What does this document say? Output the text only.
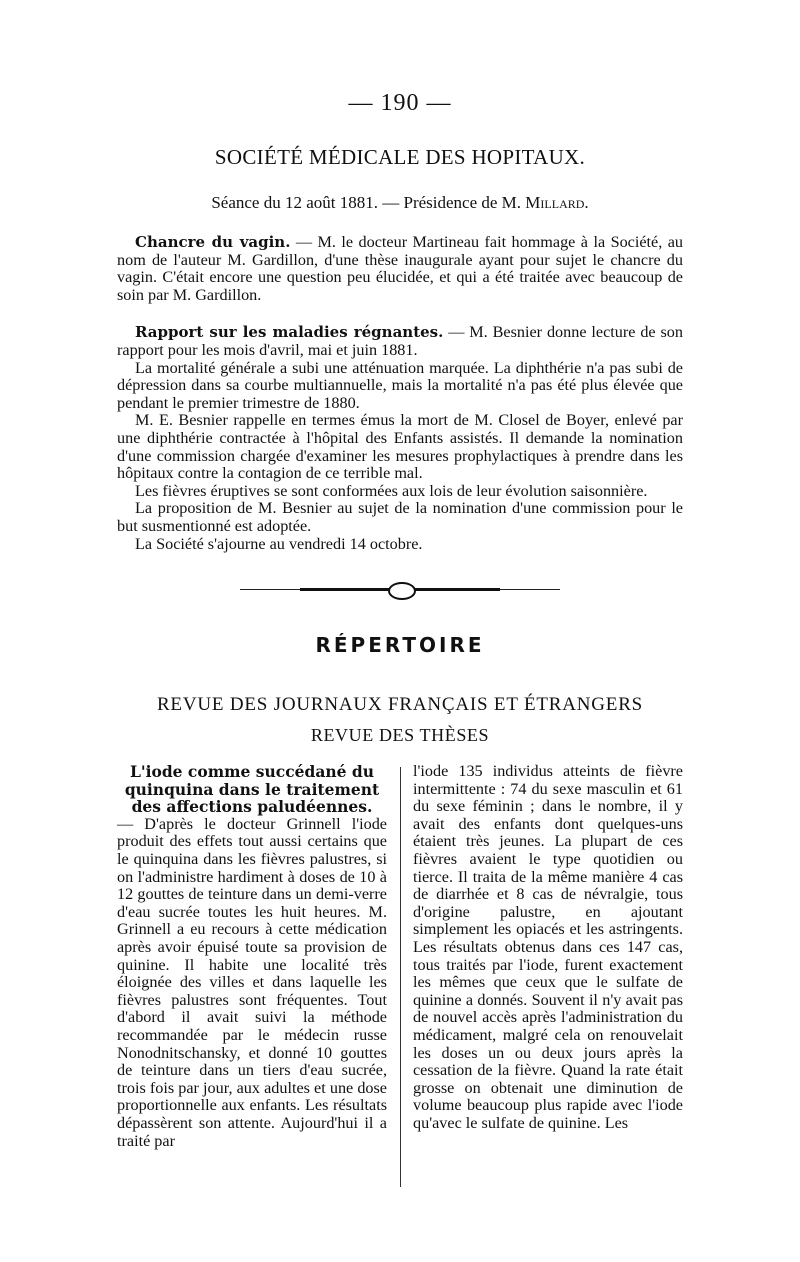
— 190 —

SOCIÉTÉ MÉDICALE DES HOPITAUX.
Séance du 12 août 1881. — Présidence de M. Millard.

Chancre du vagin. — M. le docteur Martineau fait hommage à la Société, au nom de l'auteur M. Gardillon, d'une thèse inaugurale ayant pour sujet le chancre du vagin. C'était encore une question peu élucidée, et qui a été traitée avec beaucoup de soin par M. Gardillon.

Rapport sur les maladies régnantes. — M. Besnier donne lecture de son rapport pour les mois d'avril, mai et juin 1881.

La mortalité générale a subi une atténuation marquée. La diphthérie n'a pas subi de dépression dans sa courbe multiannuelle, mais la mortalité n'a pas été plus élevée que pendant le premier trimestre de 1880.

M. E. Besnier rappelle en termes émus la mort de M. Closel de Boyer, enlevé par une diphthérie contractée à l'hôpital des Enfants assistés. Il demande la nomination d'une commission chargée d'examiner les mesures prophylactiques à prendre dans les hôpitaux contre la contagion de ce terrible mal.

Les fièvres éruptives se sont conformées aux lois de leur évolution saisonnière.

La proposition de M. Besnier au sujet de la nomination d'une commission pour le but susmentionné est adoptée.

La Société s'ajourne au vendredi 14 octobre.

RÉPERTOIRE
REVUE DES JOURNAUX FRANÇAIS ET ÉTRANGERS
REVUE DES THÈSES

L'iode comme succédané du quinquina dans le traitement des affections paludéennes.

— D'après le docteur Grinnell l'iode produit des effets tout aussi certains que le quinquina dans les fièvres palustres, si on l'administre hardiment à doses de 10 à 12 gouttes de teinture dans un demi-verre d'eau sucrée toutes les huit heures. M. Grinnell a eu recours à cette médication après avoir épuisé toute sa provision de quinine. Il habite une localité très éloignée des villes et dans laquelle les fièvres palustres sont fréquentes. Tout d'abord il avait suivi la méthode recommandée par le médecin russe Nonodnitschansky, et donné 10 gouttes de teinture dans un tiers d'eau sucrée, trois fois par jour, aux adultes et une dose proportionnelle aux enfants. Les résultats dépassèrent son attente. Aujourd'hui il a traité par

l'iode 135 individus atteints de fièvre intermittente : 74 du sexe masculin et 61 du sexe féminin ; dans le nombre, il y avait des enfants dont quelques-uns étaient très jeunes. La plupart de ces fièvres avaient le type quotidien ou tierce. Il traita de la même manière 4 cas de diarrhée et 8 cas de névralgie, tous d'origine palustre, en ajoutant simplement les opiacés et les astringents. Les résultats obtenus dans ces 147 cas, tous traités par l'iode, furent exactement les mêmes que ceux que le sulfate de quinine a donnés. Souvent il n'y avait pas de nouvel accès après l'administration du médicament, malgré cela on renouvelait les doses un ou deux jours après la cessation de la fièvre. Quand la rate était grosse on obtenait une diminution de volume beaucoup plus rapide avec l'iode qu'avec le sulfate de quinine. Les
